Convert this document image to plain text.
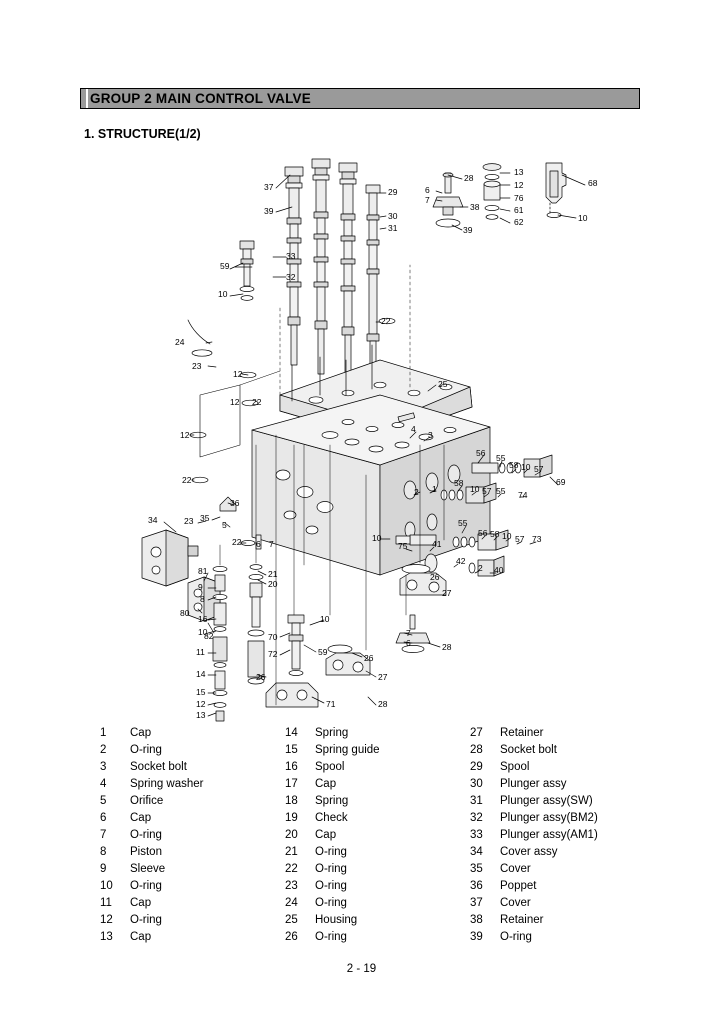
GROUP 2 MAIN CONTROL VALVE
1. STRUCTURE(1/2)
13
12
76
61
62
68
10
28
6
7
38
39
37
39
29
30
31
33
59
32
10
22
24
23
12
25
12 22
12
4
3
22
56 55
58 10 57
58
10 57 55 74
69
2 1
36
35
23	5
34
22 6 7
55
56 58 10 57 73
10
75	41
42
2 40
26
27
81
9
21
20
8
80
16
82
10
10
70	7
6	28
11	72	59
26
14	26	27
15
12
13
71	28
1	Cap
2	O-ring
3	Socket bolt
4	Spring washer
5	Orifice
6	Cap
7	O-ring
8	Piston
9	Sleeve
10	O-ring
11	Cap
12	O-ring
13	Cap
14	Spring
15	Spring guide
16	Spool
17	Cap
18	Spring
19	Check
20	Cap
21	O-ring
22	O-ring
23	O-ring
24	O-ring
25	Housing
26	O-ring
27	Retainer
28	Socket bolt
29	Spool
30	Plunger assy
31	Plunger assy(SW)
32	Plunger assy(BM2)
33	Plunger assy(AM1)
34	Cover assy
35	Cover
36	Poppet
37	Cover
38	Retainer
39	O-ring
2 - 19
